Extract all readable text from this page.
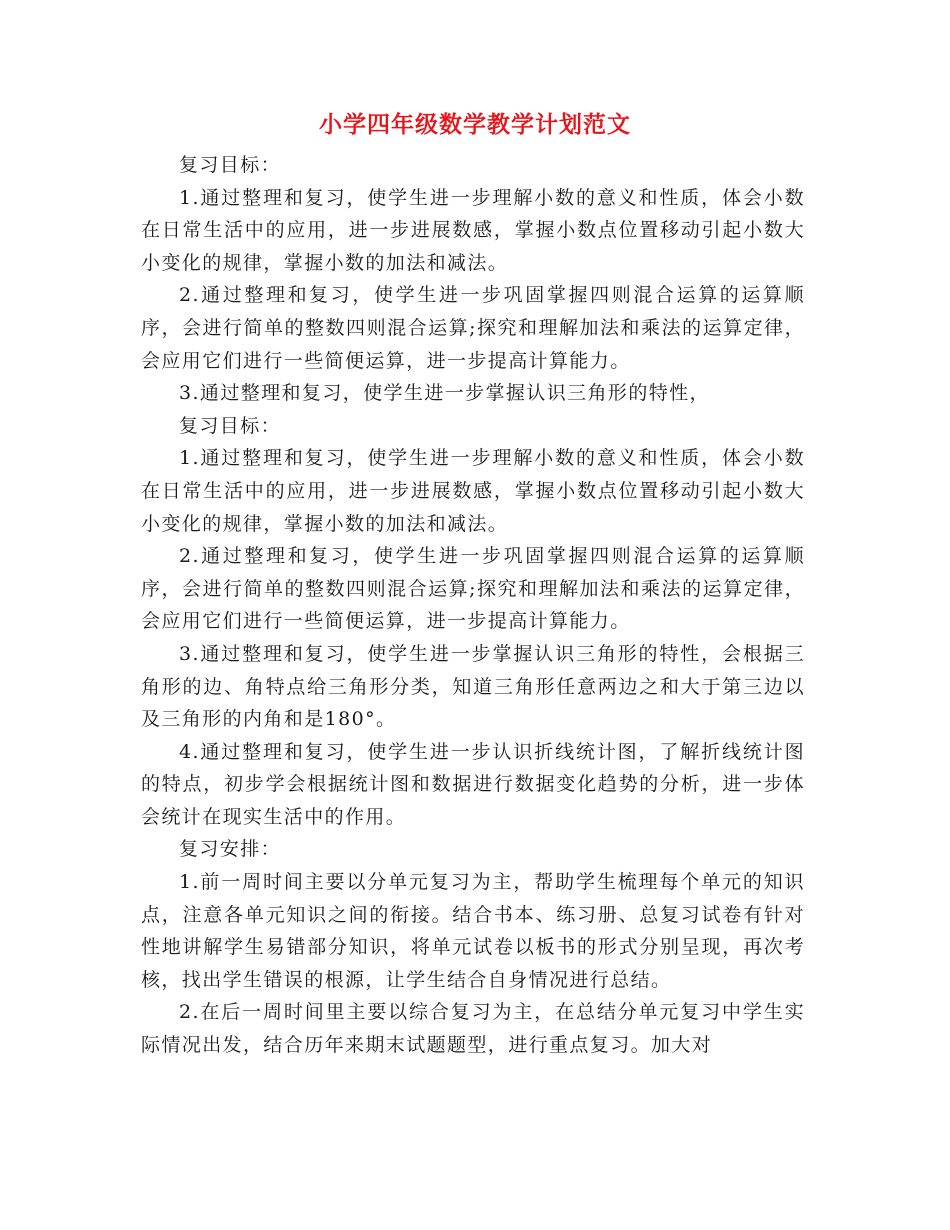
小学四年级数学教学计划范文

复习目标：

1.通过整理和复习，使学生进一步理解小数的意义和性质，体会小数在日常生活中的应用，进一步进展数感，掌握小数点位置移动引起小数大小变化的规律，掌握小数的加法和减法。

2.通过整理和复习，使学生进一步巩固掌握四则混合运算的运算顺序，会进行简单的整数四则混合运算;探究和理解加法和乘法的运算定律，会应用它们进行一些简便运算，进一步提高计算能力。

3.通过整理和复习，使学生进一步掌握认识三角形的特性，

复习目标：

1.通过整理和复习，使学生进一步理解小数的意义和性质，体会小数在日常生活中的应用，进一步进展数感，掌握小数点位置移动引起小数大小变化的规律，掌握小数的加法和减法。

2.通过整理和复习，使学生进一步巩固掌握四则混合运算的运算顺序，会进行简单的整数四则混合运算;探究和理解加法和乘法的运算定律，会应用它们进行一些简便运算，进一步提高计算能力。

3.通过整理和复习，使学生进一步掌握认识三角形的特性，会根据三角形的边、角特点给三角形分类，知道三角形任意两边之和大于第三边以及三角形的内角和是180°。

4.通过整理和复习，使学生进一步认识折线统计图，了解折线统计图的特点，初步学会根据统计图和数据进行数据变化趋势的分析，进一步体会统计在现实生活中的作用。

复习安排：

1.前一周时间主要以分单元复习为主，帮助学生梳理每个单元的知识点，注意各单元知识之间的衔接。结合书本、练习册、总复习试卷有针对性地讲解学生易错部分知识，将单元试卷以板书的形式分别呈现，再次考核，找出学生错误的根源，让学生结合自身情况进行总结。

2.在后一周时间里主要以综合复习为主，在总结分单元复习中学生实际情况出发，结合历年来期末试题题型，进行重点复习。加大对
